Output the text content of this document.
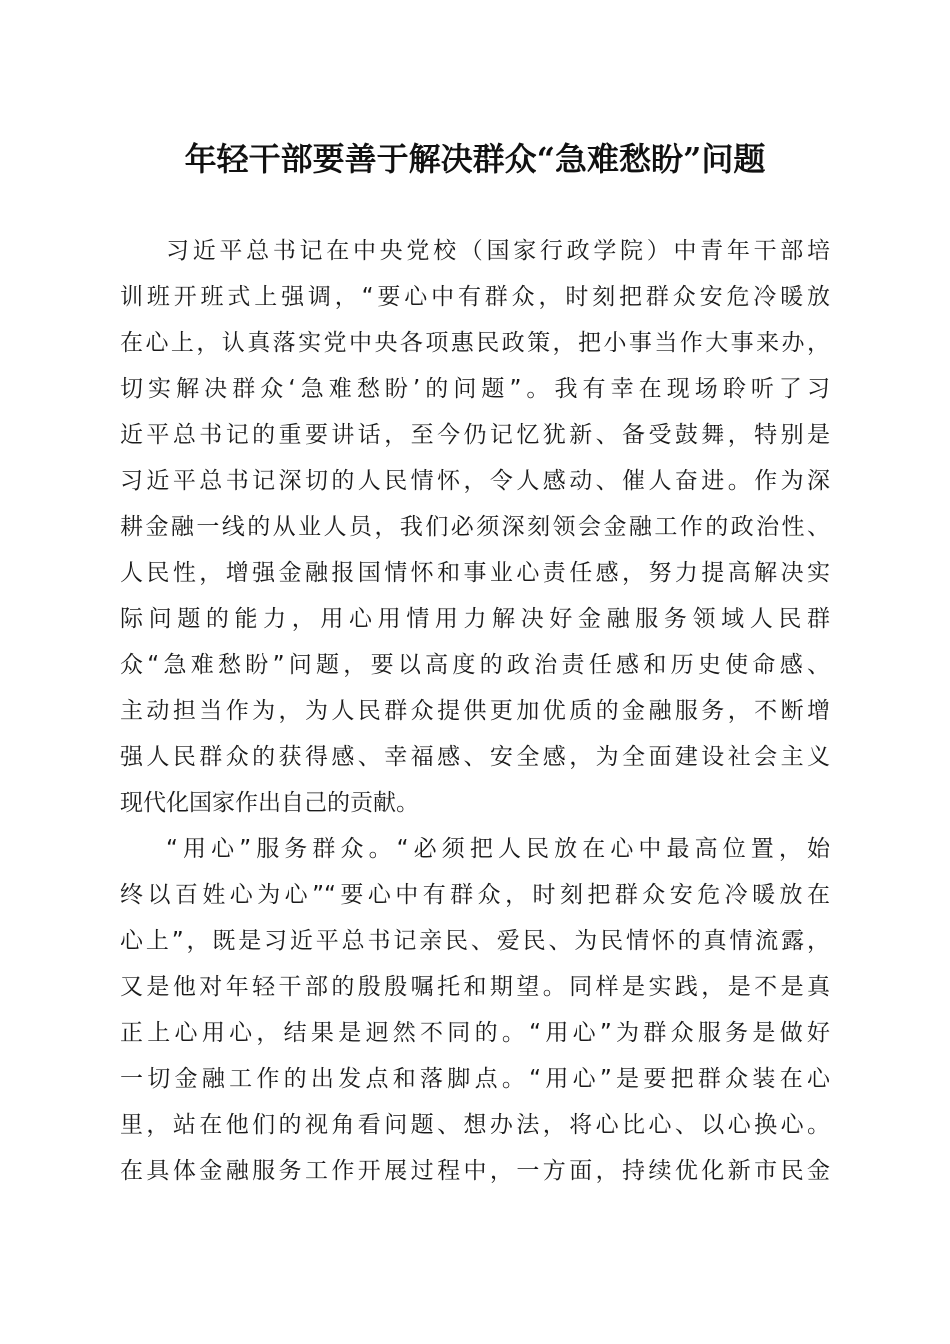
年轻干部要善于解决群众“急难愁盼”问题

习近平总书记在中央党校（国家行政学院）中青年干部培
训班开班式上强调，“要心中有群众，时刻把群众安危冷暖放
在心上，认真落实党中央各项惠民政策，把小事当作大事来办，
切实解决群众‘急难愁盼’的问题”。我有幸在现场聆听了习
近平总书记的重要讲话，至今仍记忆犹新、备受鼓舞，特别是
习近平总书记深切的人民情怀，令人感动、催人奋进。作为深
耕金融一线的从业人员，我们必须深刻领会金融工作的政治性、
人民性，增强金融报国情怀和事业心责任感，努力提高解决实
际问题的能力，用心用情用力解决好金融服务领域人民群
众“急难愁盼”问题，要以高度的政治责任感和历史使命感、
主动担当作为，为人民群众提供更加优质的金融服务，不断增
强人民群众的获得感、幸福感、安全感，为全面建设社会主义
现代化国家作出自己的贡献。

“用心”服务群众。“必须把人民放在心中最高位置，始
终以百姓心为心”“要心中有群众，时刻把群众安危冷暖放在
心上”，既是习近平总书记亲民、爱民、为民情怀的真情流露，
又是他对年轻干部的殷殷嘱托和期望。同样是实践，是不是真
正上心用心，结果是迥然不同的。“用心”为群众服务是做好
一切金融工作的出发点和落脚点。“用心”是要把群众装在心
里，站在他们的视角看问题、想办法，将心比心、以心换心。
在具体金融服务工作开展过程中，一方面，持续优化新市民金
